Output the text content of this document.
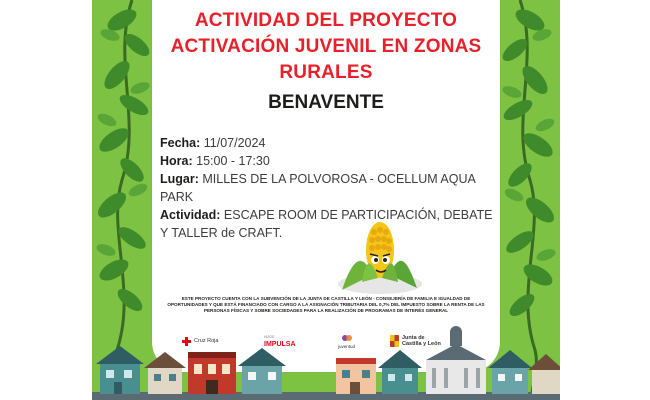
ACTIVIDAD DEL PROYECTO
ACTIVACIÓN JUVENIL EN ZONAS
RURALES
BENAVENTE
Fecha: 11/07/2024
Hora: 15:00 - 17:30
Lugar: MILLES DE LA POLVOROSA - OCELLUM AQUA PARK
Actividad: ESCAPE ROOM DE PARTICIPACIÓN, DEBATE Y TALLER de CRAFT.
ESTE PROYECTO CUENTA CON LA SUBVENCIÓN DE LA JUNTA DE CASTILLA Y LEÓN - CONSEJERÍA DE FAMILIA E IGUALDAD DE OPORTUNIDADES Y QUE ESTÁ FINANCIADO CON CARGO A LA ASIGNACIÓN TRIBUTARIA DEL 0,7% DEL IMPUESTO SOBRE LA RENTA DE LAS PERSONAS FÍSICAS Y SOBRE SOCIEDADES PARA LA REALIZACIÓN DE PROGRAMAS DE INTERÉS GENERAL
Cruz Roja
HIJOS
IMPULSA	juventud
Junta de
Castilla y León
